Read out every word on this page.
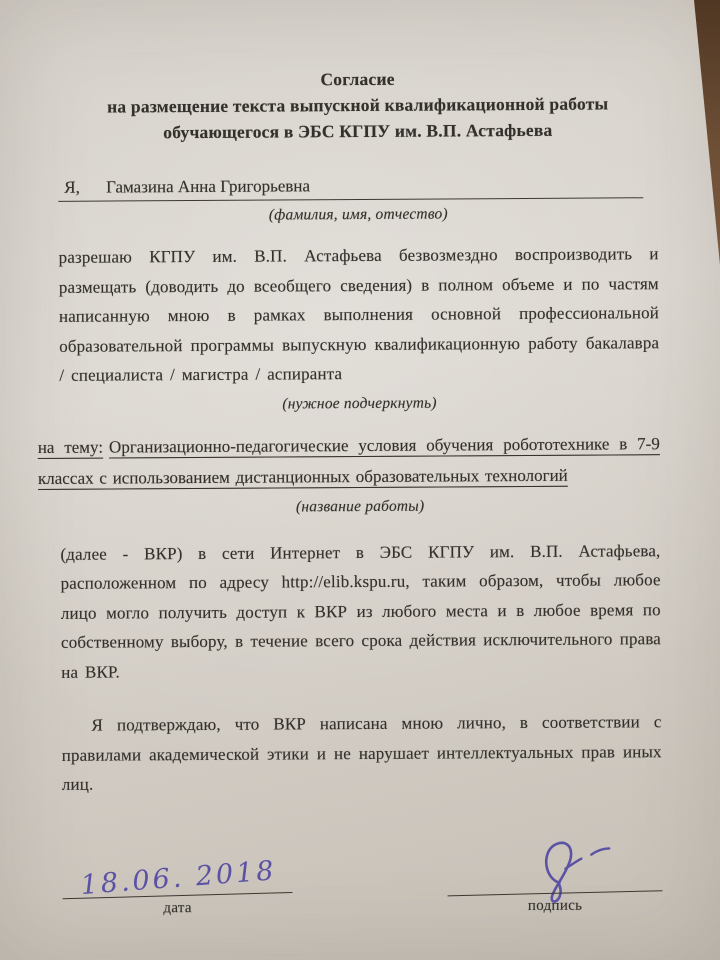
Согласие
на размещение текста выпускной квалификационной работы
обучающегося в ЭБС КГПУ им. В.П. Астафьева
Я, Гамазина Анна Григорьевна
(фамилия, имя, отчество)

разрешаю КГПУ им. В.П. Астафьева безвозмездно воспроизводить и размещать (доводить до всеобщего сведения) в полном объеме и по частям написанную мною в рамках выполнения основной профессиональной образовательной программы выпускную квалификационную работу бакалавра / специалиста / магистра / аспиранта

(нужное подчеркнуть)
на тему: Организационно-педагогические условия обучения робототехнике в 7-9 классах с использованием дистанционных образовательных технологий
(название работы)

(далее - ВКР) в сети Интернет в ЭБС КГПУ им. В.П. Астафьева, расположенном по адресу http://elib.kspu.ru, таким образом, чтобы любое лицо могло получить доступ к ВКР из любого места и в любое время по собственному выбору, в течение всего срока действия исключительного права на ВКР.

Я подтверждаю, что ВКР написана мною лично, в соответствии с правилами академической этики и не нарушает интеллектуальных прав иных лиц.

18.06. 2018
дата	подпись
